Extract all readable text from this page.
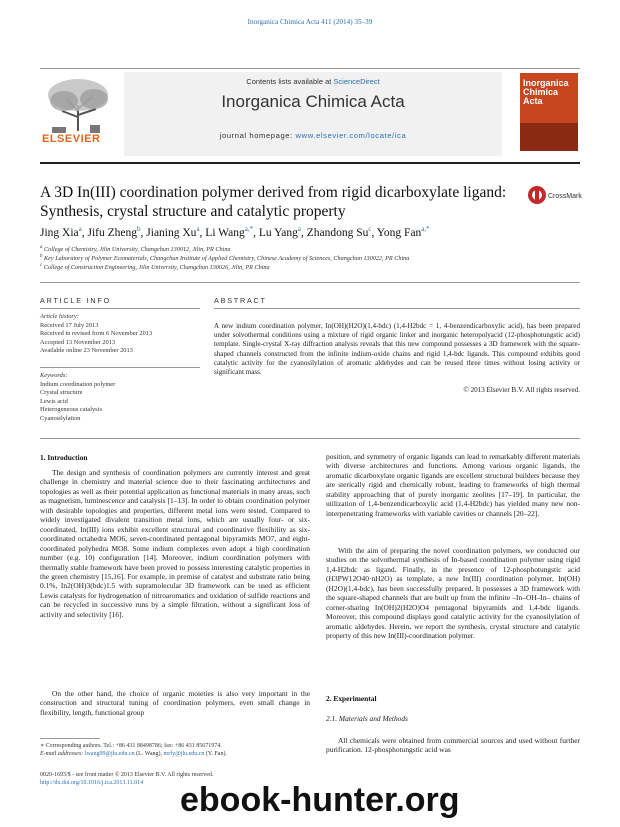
Inorganica Chimica Acta 411 (2014) 35–39
ELSEVIER
Contents lists available at ScienceDirect
Inorganica Chimica Acta
journal homepage: www.elsevier.com/locate/ica
Inorganica Chimica Acta
A 3D In(III) coordination polymer derived from rigid dicarboxylate ligand: Synthesis, crystal structure and catalytic property
CrossMark
Jing Xia$^a$, Jifu Zheng$^b$, Jianing Xu$^a$, Li Wang$^{a,*}$, Lu Yang$^a$, Zhandong Su$^c$, Yong Fan$^{a,*}$
$^a$ College of Chemistry, Jilin University, Changchun 130012, Jilin, PR China
$^b$ Key Laboratory of Polymer Ecomaterials, Changchun Institute of Applied Chemistry, Chinese Academy of Sciences, Changchun 130022, PR China
$^c$ College of Construction Engineering, Jilin University, Changchun 130026, Jilin, PR China
ARTICLE INFO
Article history:
Received 17 July 2013
Received in revised form 6 November 2013
Accepted 13 November 2013
Available online 23 November 2013
Keywords:
Indium coordination polymer
Crystal structure
Lewis acid
Heterogeneous catalysis
Cyanosilylation
ABSTRACT
A new indium coordination polymer, In(OH)(H2O)(1,4-bdc) (1,4-H2bdc = 1, 4-benzendicarboxylic acid), has been prepared under solvothermal conditions using a mixture of rigid organic linker and inorganic heteropolyacid (12-phosphotungstic acid) template. Single-crystal X-ray diffraction analysis reveals that this new compound possesses a 3D framework with the square-shaped channels constructed from the infinite indium-oxide chains and rigid 1,4-bdc ligands. This compound exhibits good catalytic activity for the cyanosilylation of aromatic aldehydes and can be reused three times without losing activity or significant mass.
© 2013 Elsevier B.V. All rights reserved.
1. Introduction
The design and synthesis of coordination polymers are currently interest and great challenge in chemistry and material science due to their fascinating architectures and topologies as well as their potential application as functional materials in many areas, such as magnetism, luminescence and catalysis [1–13]. In order to obtain coordination polymer with desirable topologies and properties, different metal ions were tested. Compared to widely investigated divalent transition metal ions, which are usually four- or six-coordinated, In(III) ions exhibit excellent structural and coordinative flexibility as six-coordinated octahedra MO6, seven-coordinated pentagonal bipyramids MO7, and eight-coordinated polyhedra MO8. Some indium complexes even adopt a high coordination number (e.g. 10) configuration [14]. Moreover, indium coordination polymers with thermally stable framework have been proved to possess interesting catalytic properties in the green chemistry [15,16]. For example, in premise of catalyst and substrate ratio being 0.1%, In2(OH)3(bdc)1.5 with supramolecular 3D framework can be used as efficient Lewis catalysts for hydrogenation of nitroaromatics and oxidation of sulfide reactions and can be recycled in successive runs by a simple filtration, without a significant loss of activity and selectivity [16].
On the other hand, the choice of organic moieties is also very important in the construction and structural tuning of coordination polymers, even small change in flexibility, length, functional group
position, and symmetry of organic ligands can lead to remarkably different materials with diverse architectures and functions. Among various organic ligands, the aromatic dicarboxylate organic ligands are excellent structural builders because they are sterically rigid and chemically robust, leading to frameworks of high thermal stability approaching that of purely inorganic zeolites [17–19]. In particular, the utilization of 1,4-benzendicarboxylic acid (1,4-H2bdc) has yielded many new non-interpenetrating frameworks with variable cavities or channels [20–22].
With the aim of preparing the novel coordination polymers, we conducted our studies on the solvothermal synthesis of In-based coordination polymer using rigid 1,4-H2bdc as ligand. Finally, in the presence of 12-phosphotungstic acid (H3PW12O40·nH2O) as template, a new In(III) coordination polymer, In(OH)(H2O)(1,4-bdc), has been successfully prepared. It possesses a 3D framework with the square-shaped channels that are built up from the infinite –In–OH–In– chains of corner-sharing In(OH)2(H2O)O4 pentagonal bipyramids and 1,4-bdc ligands. Moreover, this compound displays good catalytic activity for the cyanosilylation of aromatic aldehydes. Herein, we report the synthesis, crystal structure and catalytic property of this new In(III)-coordination polymer.
2. Experimental
2.1. Materials and Methods
All chemicals were obtained from commercial sources and used without further purification. 12-phosphotungstic acid was
∗ Corresponding authors. Tel.: +86 431 88498786; fax: +86 431 85671974.
E-mail addresses: lwang99@jlu.edu.cn (L. Wang), mrfy@jlu.edu.cn (Y. Fan).
0020-1693/$ - see front matter © 2013 Elsevier B.V. All rights reserved.
http://dx.doi.org/10.1016/j.ica.2013.11.014	ebook-hunter.org
